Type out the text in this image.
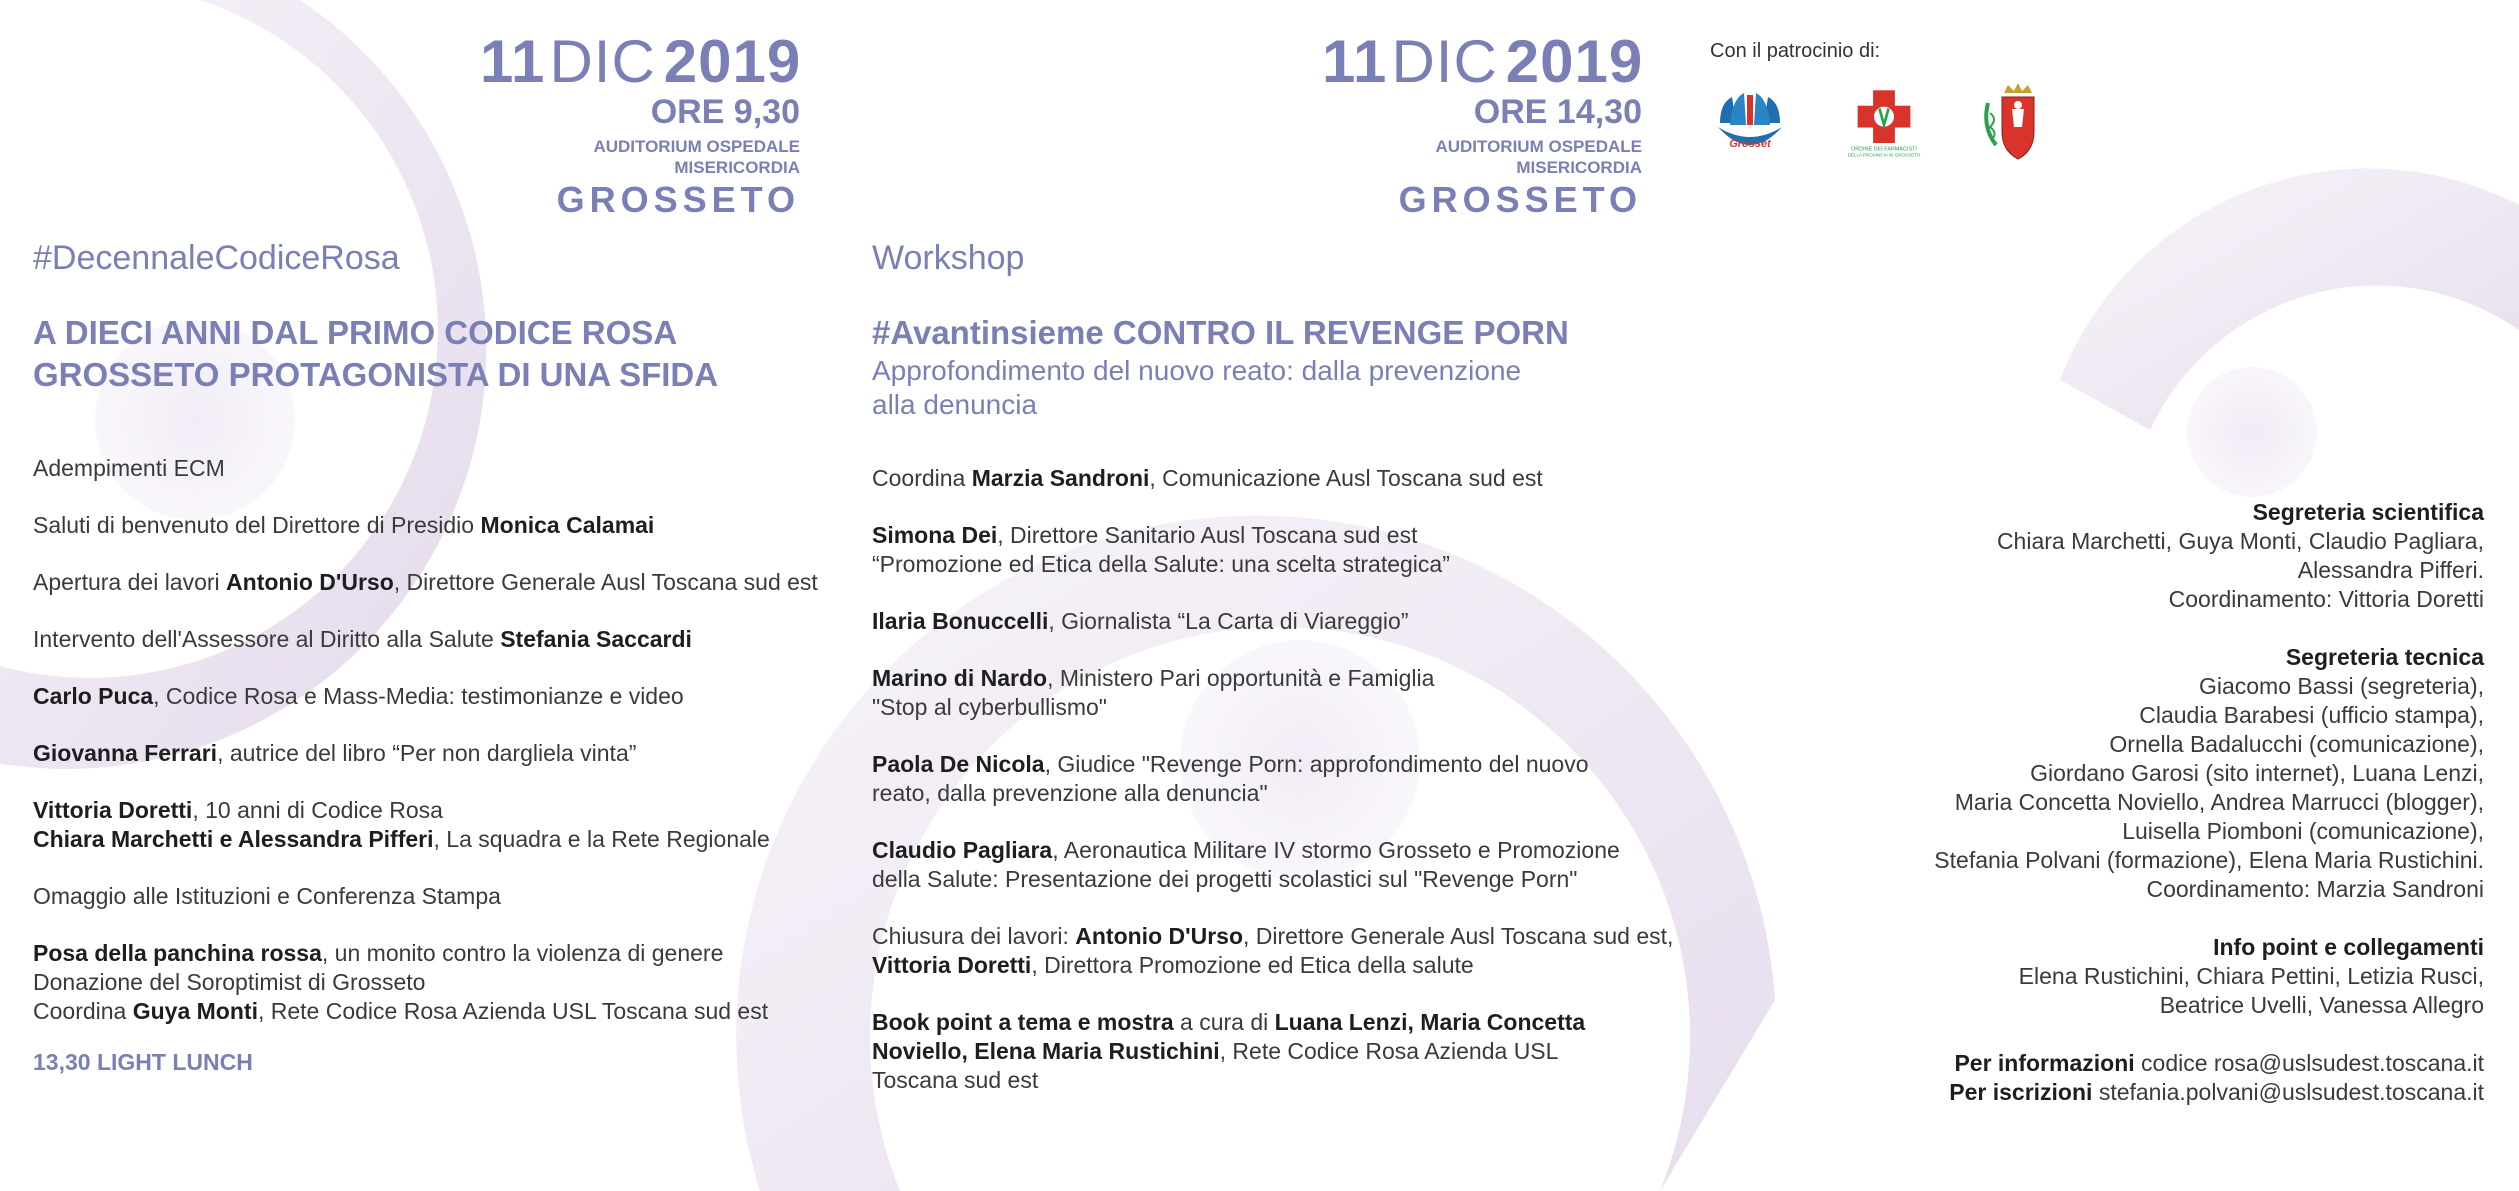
11DIC 2019
ORE 9,30
AUDITORIUM OSPEDALE
MISERICORDIA
GROSSETO
11DIC 2019
ORE 14,30
AUDITORIUM OSPEDALE
MISERICORDIA
GROSSETO
#DecennaleCodiceRosa
A DIECI ANNI DAL PRIMO CODICE ROSA
GROSSETO PROTAGONISTA DI UNA SFIDA
Adempimenti ECM
Saluti di benvenuto del Direttore di Presidio Monica Calamai
Apertura dei lavori Antonio D'Urso, Direttore Generale Ausl Toscana sud est
Intervento dell'Assessore al Diritto alla Salute Stefania Saccardi
Carlo Puca, Codice Rosa e Mass-Media: testimonianze e video
Giovanna Ferrari, autrice del libro “Per non dargliela vinta”
Vittoria Doretti, 10 anni di Codice Rosa
Chiara Marchetti e Alessandra Pifferi, La squadra e la Rete Regionale
Omaggio alle Istituzioni e Conferenza Stampa
Posa della panchina rossa, un monito contro la violenza di genere
Donazione del Soroptimist di Grosseto
Coordina Guya Monti, Rete Codice Rosa Azienda USL Toscana sud est
13,30 LIGHT LUNCH
Workshop
#Avantinsieme CONTRO IL REVENGE PORN
Approfondimento del nuovo reato: dalla prevenzione
alla denuncia
Coordina Marzia Sandroni, Comunicazione Ausl Toscana sud est
Simona Dei, Direttore Sanitario Ausl Toscana sud est
“Promozione ed Etica della Salute: una scelta strategica”
Ilaria Bonuccelli, Giornalista “La Carta di Viareggio”
Marino di Nardo, Ministero Pari opportunità e Famiglia
"Stop al cyberbullismo"
Paola De Nicola, Giudice "Revenge Porn: approfondimento del nuovo
reato, dalla prevenzione alla denuncia"
Claudio Pagliara, Aeronautica Militare IV stormo Grosseto e Promozione
della Salute: Presentazione dei progetti scolastici sul "Revenge Porn"
Chiusura dei lavori: Antonio D'Urso, Direttore Generale Ausl Toscana sud est,
Vittoria Doretti, Direttora Promozione ed Etica della salute
Book point a tema e mostra a cura di Luana Lenzi, Maria Concetta
Noviello, Elena Maria Rustichini, Rete Codice Rosa Azienda USL
Toscana sud est
Con il patrocinio di:
Grosset	ORDINE DEI FARMACISTI
DELLA PROVINCIA DI GROSSETO
Segreteria scientifica
Chiara Marchetti, Guya Monti, Claudio Pagliara,
Alessandra Pifferi.
Coordinamento: Vittoria Doretti
Segreteria tecnica
Giacomo Bassi (segreteria),
Claudia Barabesi (ufficio stampa),
Ornella Badalucchi (comunicazione),
Giordano Garosi (sito internet), Luana Lenzi,
Maria Concetta Noviello, Andrea Marrucci (blogger),
Luisella Piomboni (comunicazione),
Stefania Polvani (formazione), Elena Maria Rustichini.
Coordinamento: Marzia Sandroni
Info point e collegamenti
Elena Rustichini, Chiara Pettini, Letizia Rusci,
Beatrice Uvelli, Vanessa Allegro
Per informazioni codice rosa@uslsudest.toscana.it
Per iscrizioni stefania.polvani@uslsudest.toscana.it
